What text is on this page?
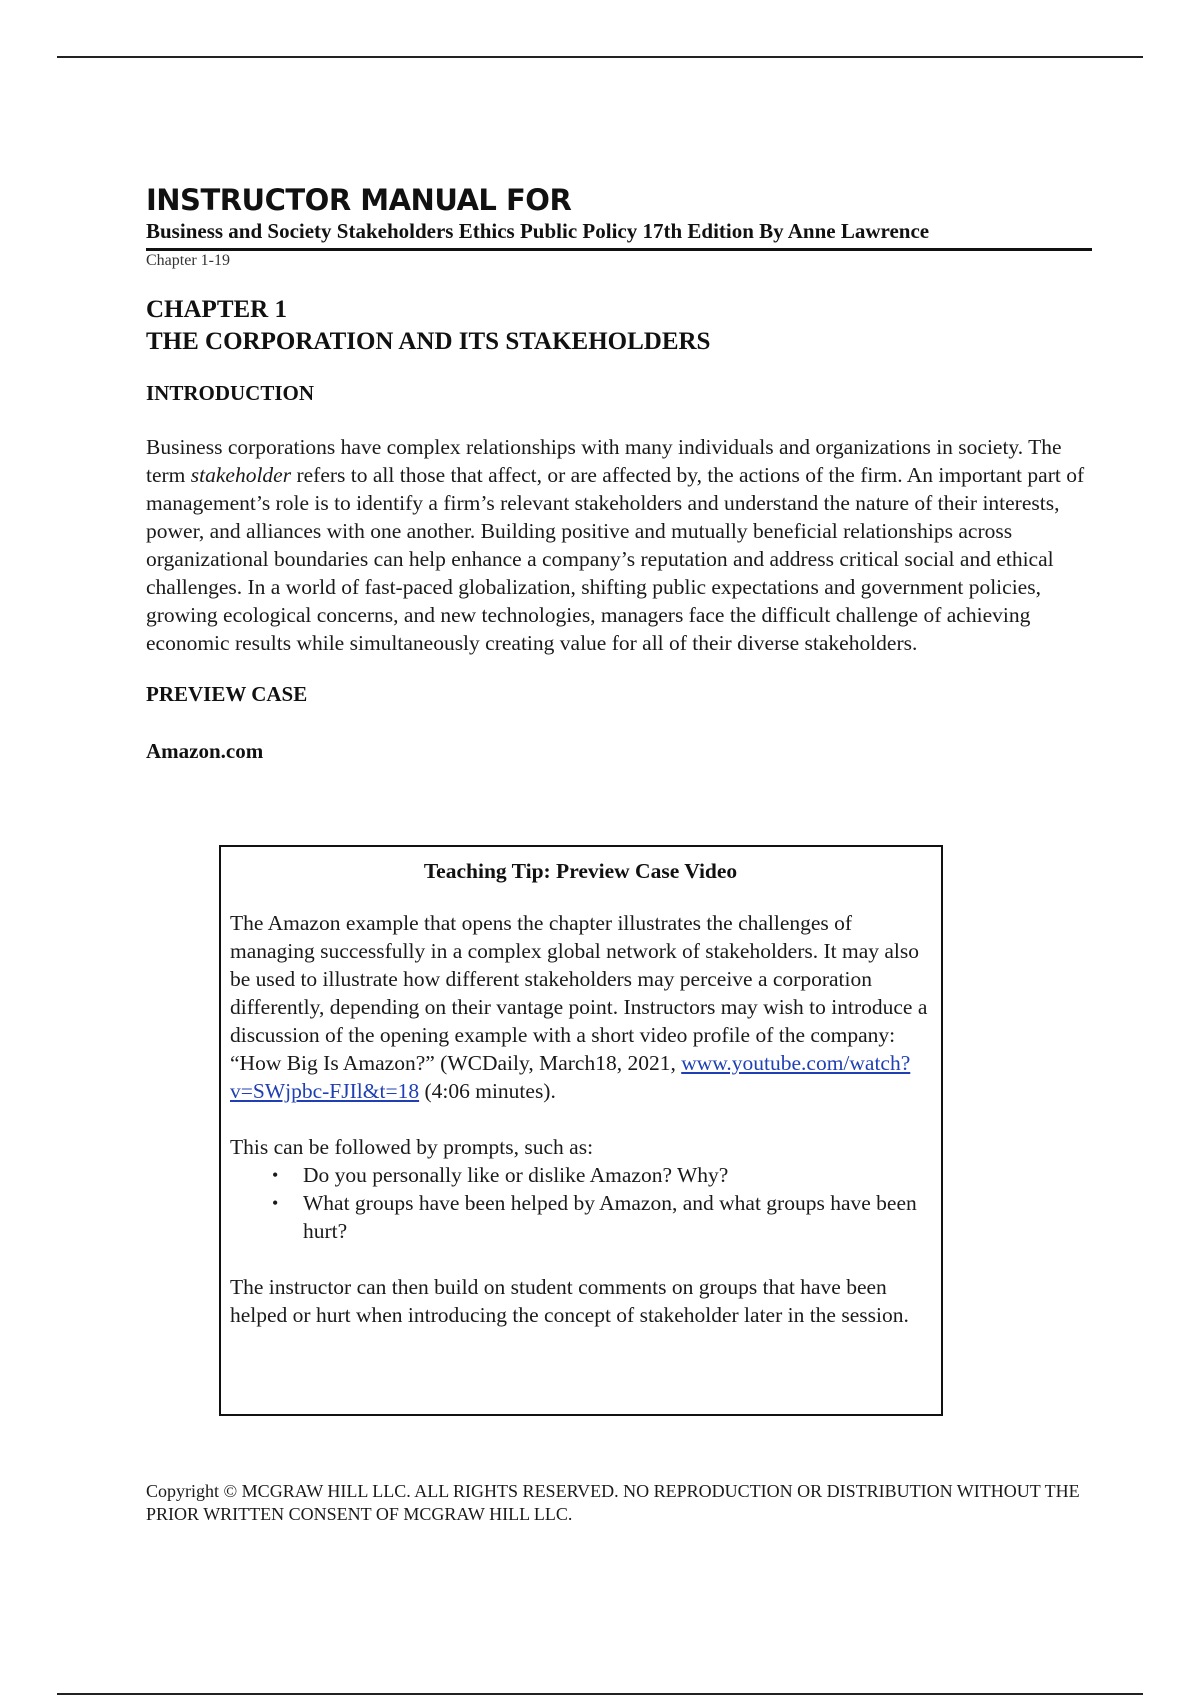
INSTRUCTOR MANUAL FOR

Business and Society Stakeholders Ethics Public Policy 17th Edition By Anne Lawrence

Chapter 1-19

CHAPTER 1
THE CORPORATION AND ITS STAKEHOLDERS
INTRODUCTION

Business corporations have complex relationships with many individuals and organizations in society. The term stakeholder refers to all those that affect, or are affected by, the actions of the firm. An important part of management’s role is to identify a firm’s relevant stakeholders and understand the nature of their interests, power, and alliances with one another. Building positive and mutually beneficial relationships across organizational boundaries can help enhance a company’s reputation and address critical social and ethical challenges. In a world of fast-paced globalization, shifting public expectations and government policies, growing ecological concerns, and new technologies, managers face the difficult challenge of achieving economic results while simultaneously creating value for all of their diverse stakeholders.

PREVIEW CASE
Amazon.com

Teaching Tip: Preview Case Video

The Amazon example that opens the chapter illustrates the challenges of managing successfully in a complex global network of stakeholders. It may also be used to illustrate how different stakeholders may perceive a corporation differently, depending on their vantage point. Instructors may wish to introduce a discussion of the opening example with a short video profile of the company: “How Big Is Amazon?” (WCDaily, March18, 2021, www.youtube.com/watch?v=SWjpbc-FJIl&t=18 (4:06 minutes).

This can be followed by prompts, such as:

• Do you personally like or dislike Amazon? Why?
• What groups have been helped by Amazon, and what groups have been hurt?

The instructor can then build on student comments on groups that have been helped or hurt when introducing the concept of stakeholder later in the session.

Copyright © MCGRAW HILL LLC. ALL RIGHTS RESERVED. NO REPRODUCTION OR DISTRIBUTION WITHOUT THE PRIOR WRITTEN CONSENT OF MCGRAW HILL LLC.
